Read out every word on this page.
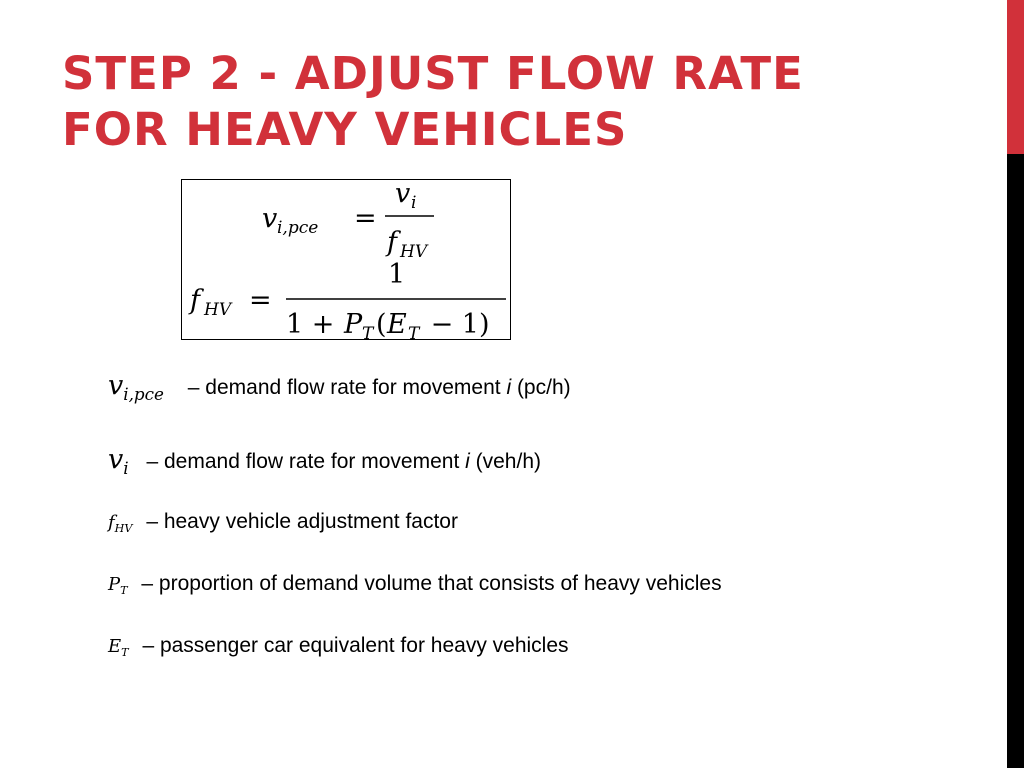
STEP 2 - ADJUST FLOW RATE
FOR HEAVY VEHICLES
v i,pce =
v i
f HV
f HV =
1
1 + P T ( E T − 1)
$v_{i,pce}$ – demand flow rate for movement i (pc/h)
$v_i$ – demand flow rate for movement i (veh/h)
$f_{HV}$ – heavy vehicle adjustment factor
$P_T$ – proportion of demand volume that consists of heavy vehicles
$E_T$ – passenger car equivalent for heavy vehicles
